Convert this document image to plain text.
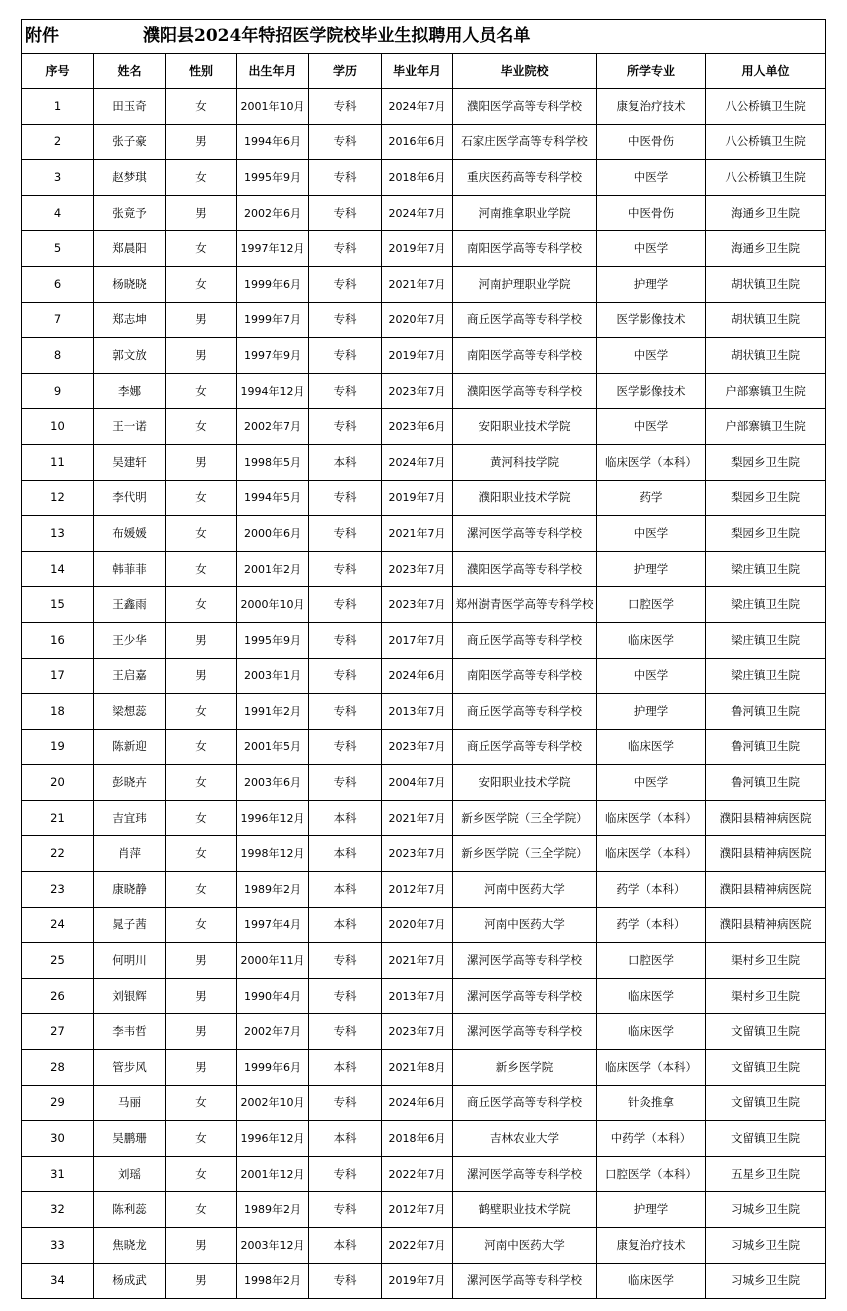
附件 濮阳县2024年特招医学院校毕业生拟聘用人员名单								
序号	姓名	性别	出生年月	学历	毕业年月	毕业院校	所学专业	用人单位
1	田玉奇	女	2001年10月	专科	2024年7月	濮阳医学高等专科学校	康复治疗技术	八公桥镇卫生院
2	张子豪	男	1994年6月	专科	2016年6月	石家庄医学高等专科学校	中医骨伤	八公桥镇卫生院
3	赵梦琪	女	1995年9月	专科	2018年6月	重庆医药高等专科学校	中医学	八公桥镇卫生院
4	张竟予	男	2002年6月	专科	2024年7月	河南推拿职业学院	中医骨伤	海通乡卫生院
5	郑晨阳	女	1997年12月	专科	2019年7月	南阳医学高等专科学校	中医学	海通乡卫生院
6	杨晓晓	女	1999年6月	专科	2021年7月	河南护理职业学院	护理学	胡状镇卫生院
7	郑志坤	男	1999年7月	专科	2020年7月	商丘医学高等专科学校	医学影像技术	胡状镇卫生院
8	郭文放	男	1997年9月	专科	2019年7月	南阳医学高等专科学校	中医学	胡状镇卫生院
9	李娜	女	1994年12月	专科	2023年7月	濮阳医学高等专科学校	医学影像技术	户部寨镇卫生院
10	王一诺	女	2002年7月	专科	2023年6月	安阳职业技术学院	中医学	户部寨镇卫生院
11	吴建轩	男	1998年5月	本科	2024年7月	黄河科技学院	临床医学（本科）	梨园乡卫生院
12	李代明	女	1994年5月	专科	2019年7月	濮阳职业技术学院	药学	梨园乡卫生院
13	布媛媛	女	2000年6月	专科	2021年7月	漯河医学高等专科学校	中医学	梨园乡卫生院
14	韩菲菲	女	2001年2月	专科	2023年7月	濮阳医学高等专科学校	护理学	梁庄镇卫生院
15	王鑫雨	女	2000年10月	专科	2023年7月	郑州澍青医学高等专科学校	口腔医学	梁庄镇卫生院
16	王少华	男	1995年9月	专科	2017年7月	商丘医学高等专科学校	临床医学	梁庄镇卫生院
17	王启嘉	男	2003年1月	专科	2024年6月	南阳医学高等专科学校	中医学	梁庄镇卫生院
18	梁想蕊	女	1991年2月	专科	2013年7月	商丘医学高等专科学校	护理学	鲁河镇卫生院
19	陈新迎	女	2001年5月	专科	2023年7月	商丘医学高等专科学校	临床医学	鲁河镇卫生院
20	彭晓卉	女	2003年6月	专科	2004年7月	安阳职业技术学院	中医学	鲁河镇卫生院
21	吉宜玮	女	1996年12月	本科	2021年7月	新乡医学院（三全学院）	临床医学（本科）	濮阳县精神病医院
22	肖萍	女	1998年12月	本科	2023年7月	新乡医学院（三全学院）	临床医学（本科）	濮阳县精神病医院
23	康晓静	女	1989年2月	本科	2012年7月	河南中医药大学	药学（本科）	濮阳县精神病医院
24	晁子茜	女	1997年4月	本科	2020年7月	河南中医药大学	药学（本科）	濮阳县精神病医院
25	何明川	男	2000年11月	专科	2021年7月	漯河医学高等专科学校	口腔医学	渠村乡卫生院
26	刘银辉	男	1990年4月	专科	2013年7月	漯河医学高等专科学校	临床医学	渠村乡卫生院
27	李韦哲	男	2002年7月	专科	2023年7月	漯河医学高等专科学校	临床医学	文留镇卫生院
28	管步风	男	1999年6月	本科	2021年8月	新乡医学院	临床医学（本科）	文留镇卫生院
29	马丽	女	2002年10月	专科	2024年6月	商丘医学高等专科学校	针灸推拿	文留镇卫生院
30	吴鹏珊	女	1996年12月	本科	2018年6月	吉林农业大学	中药学（本科）	文留镇卫生院
31	刘瑶	女	2001年12月	专科	2022年7月	漯河医学高等专科学校	口腔医学（本科）	五星乡卫生院
32	陈利蕊	女	1989年2月	专科	2012年7月	鹤壁职业技术学院	护理学	习城乡卫生院
33	焦晓龙	男	2003年12月	本科	2022年7月	河南中医药大学	康复治疗技术	习城乡卫生院
34	杨成武	男	1998年2月	专科	2019年7月	漯河医学高等专科学校	临床医学	习城乡卫生院
